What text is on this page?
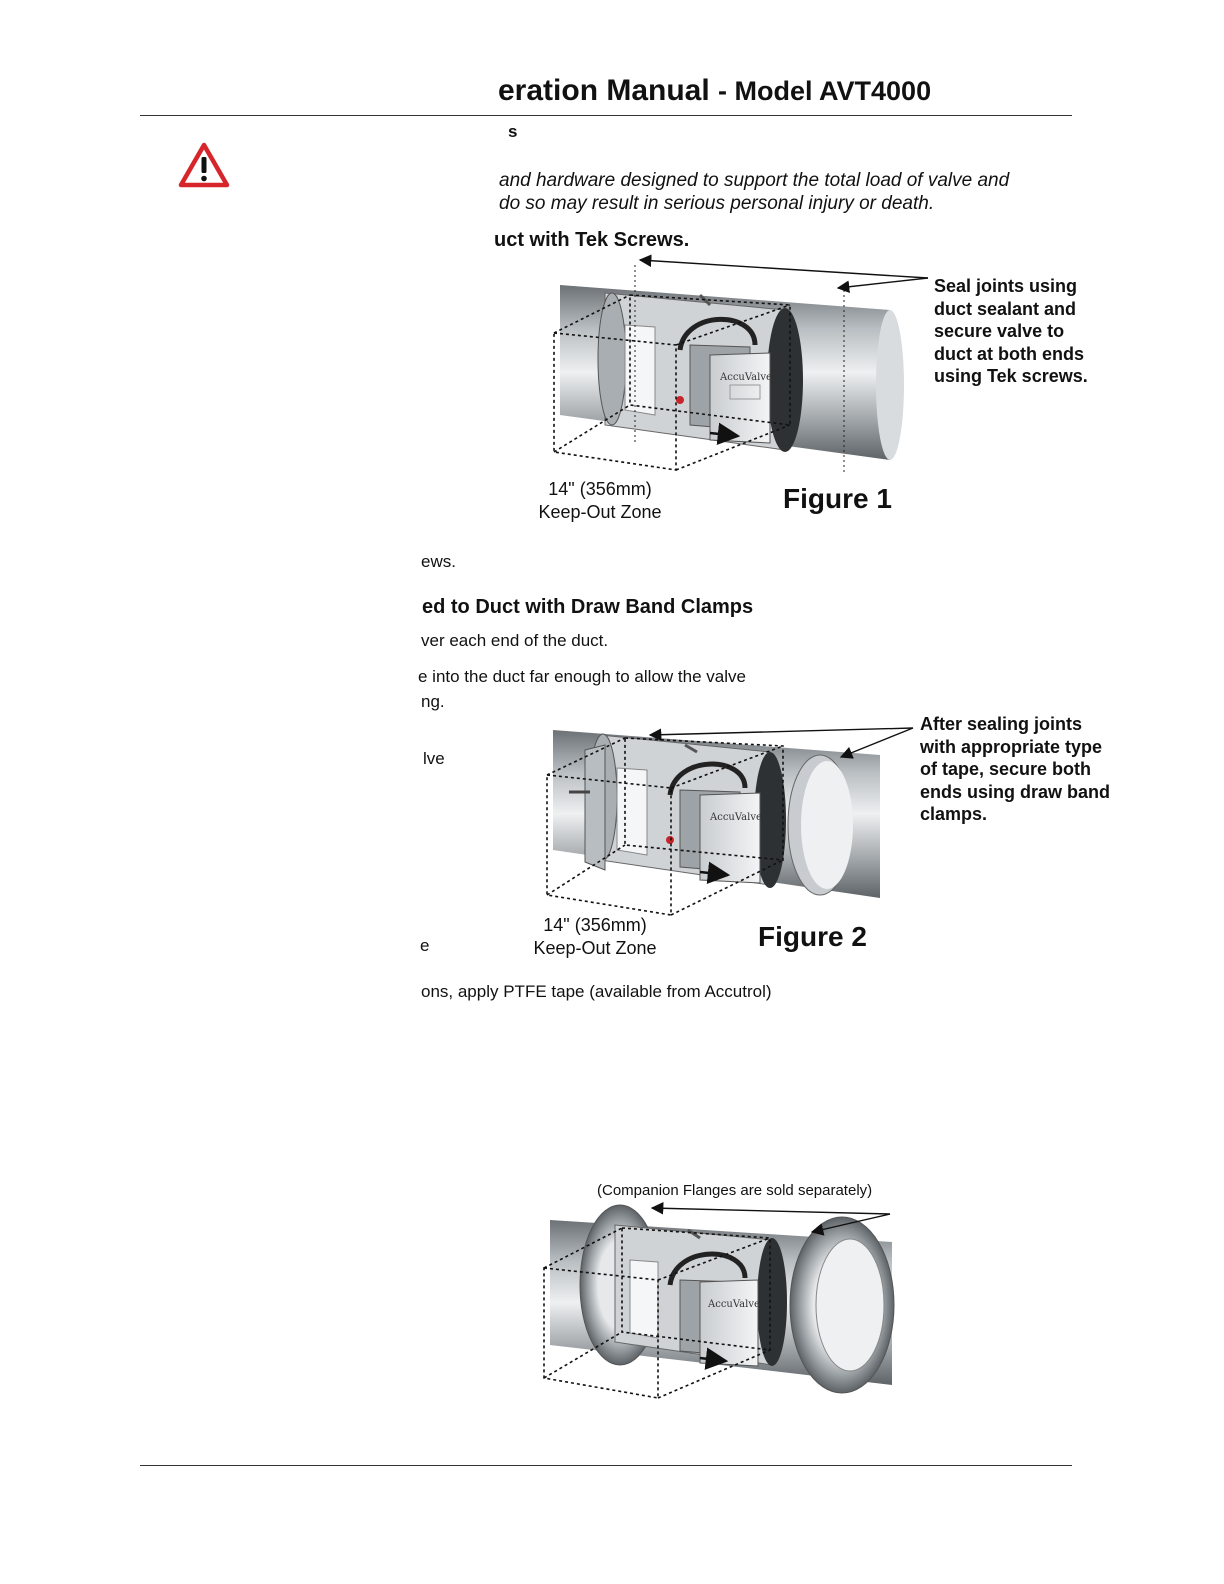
eration Manual - Model AVT4000
s
and hardware designed to support the total load of valve and
do so may result in serious personal injury or death.
uct with Tek Screws.
AccuValve
Seal joints using
duct sealant and
secure valve to
duct at both ends
using Tek screws.
14" (356mm)
Keep-Out Zone	Figure 1
ews.
ed to Duct with Draw Band Clamps
ver each end of the duct.
e into the duct far enough to allow the valve
ng.
lve
e
AccuValve
After sealing joints
with appropriate type
of tape, secure both
ends using draw band
clamps.
14" (356mm)
Keep-Out Zone	Figure 2
ons, apply PTFE tape (available from Accutrol)
(Companion Flanges are sold separately)
AccuValve
